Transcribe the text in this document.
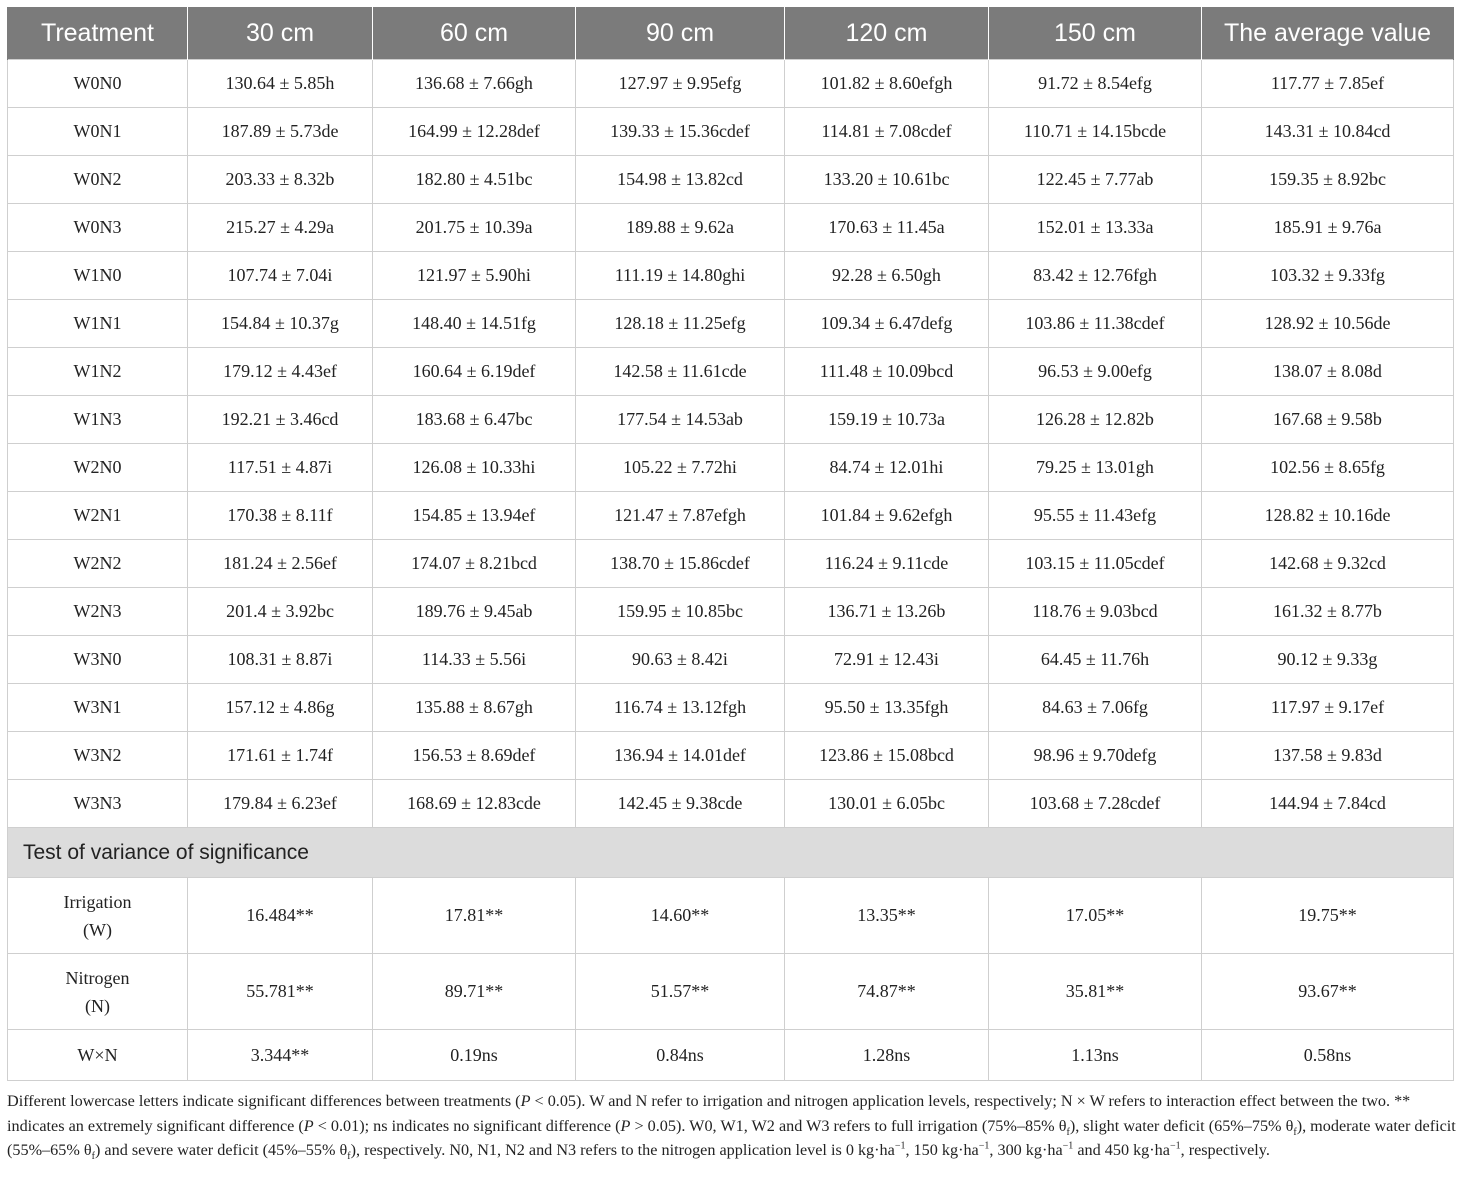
Treatment	30 cm	60 cm	90 cm	120 cm	150 cm	The average value
W0N0	130.64 ± 5.85h	136.68 ± 7.66gh	127.97 ± 9.95efg	101.82 ± 8.60efgh	91.72 ± 8.54efg	117.77 ± 7.85ef
W0N1	187.89 ± 5.73de	164.99 ± 12.28def	139.33 ± 15.36cdef	114.81 ± 7.08cdef	110.71 ± 14.15bcde	143.31 ± 10.84cd
W0N2	203.33 ± 8.32b	182.80 ± 4.51bc	154.98 ± 13.82cd	133.20 ± 10.61bc	122.45 ± 7.77ab	159.35 ± 8.92bc
W0N3	215.27 ± 4.29a	201.75 ± 10.39a	189.88 ± 9.62a	170.63 ± 11.45a	152.01 ± 13.33a	185.91 ± 9.76a
W1N0	107.74 ± 7.04i	121.97 ± 5.90hi	111.19 ± 14.80ghi	92.28 ± 6.50gh	83.42 ± 12.76fgh	103.32 ± 9.33fg
W1N1	154.84 ± 10.37g	148.40 ± 14.51fg	128.18 ± 11.25efg	109.34 ± 6.47defg	103.86 ± 11.38cdef	128.92 ± 10.56de
W1N2	179.12 ± 4.43ef	160.64 ± 6.19def	142.58 ± 11.61cde	111.48 ± 10.09bcd	96.53 ± 9.00efg	138.07 ± 8.08d
W1N3	192.21 ± 3.46cd	183.68 ± 6.47bc	177.54 ± 14.53ab	159.19 ± 10.73a	126.28 ± 12.82b	167.68 ± 9.58b
W2N0	117.51 ± 4.87i	126.08 ± 10.33hi	105.22 ± 7.72hi	84.74 ± 12.01hi	79.25 ± 13.01gh	102.56 ± 8.65fg
W2N1	170.38 ± 8.11f	154.85 ± 13.94ef	121.47 ± 7.87efgh	101.84 ± 9.62efgh	95.55 ± 11.43efg	128.82 ± 10.16de
W2N2	181.24 ± 2.56ef	174.07 ± 8.21bcd	138.70 ± 15.86cdef	116.24 ± 9.11cde	103.15 ± 11.05cdef	142.68 ± 9.32cd
W2N3	201.4 ± 3.92bc	189.76 ± 9.45ab	159.95 ± 10.85bc	136.71 ± 13.26b	118.76 ± 9.03bcd	161.32 ± 8.77b
W3N0	108.31 ± 8.87i	114.33 ± 5.56i	90.63 ± 8.42i	72.91 ± 12.43i	64.45 ± 11.76h	90.12 ± 9.33g
W3N1	157.12 ± 4.86g	135.88 ± 8.67gh	116.74 ± 13.12fgh	95.50 ± 13.35fgh	84.63 ± 7.06fg	117.97 ± 9.17ef
W3N2	171.61 ± 1.74f	156.53 ± 8.69def	136.94 ± 14.01def	123.86 ± 15.08bcd	98.96 ± 9.70defg	137.58 ± 9.83d
W3N3	179.84 ± 6.23ef	168.69 ± 12.83cde	142.45 ± 9.38cde	130.01 ± 6.05bc	103.68 ± 7.28cdef	144.94 ± 7.84cd
Test of variance of significance						

Irrigation
(W)	16.484**	17.81**	14.60**	13.35**	17.05**	19.75**

Nitrogen
(N)	55.781**	89.71**	51.57**	74.87**	35.81**	93.67**
W×N	3.344**	0.19ns	0.84ns	1.28ns	1.13ns	0.58ns
Different lowercase letters indicate significant differences between treatments (P < 0.05). W and N refer to irrigation and nitrogen application levels, respectively; N × W refers to interaction effect between the two. ** indicates an extremely significant difference (P < 0.01); ns indicates no significant difference (P > 0.05). W0, W1, W2 and W3 refers to full irrigation (75%–85% $\theta_f$), slight water deficit (65%–75% $\theta_f$), moderate water deficit (55%–65% $\theta_f$) and severe water deficit (45%–55% $\theta_f$), respectively. N0, N1, N2 and N3 refers to the nitrogen application level is 0 $kg\cdot ha^{-1}$, 150 $kg\cdot ha^{-1}$, 300 $kg\cdot ha^{-1}$ and 450 $kg\cdot ha^{-1}$, respectively.
